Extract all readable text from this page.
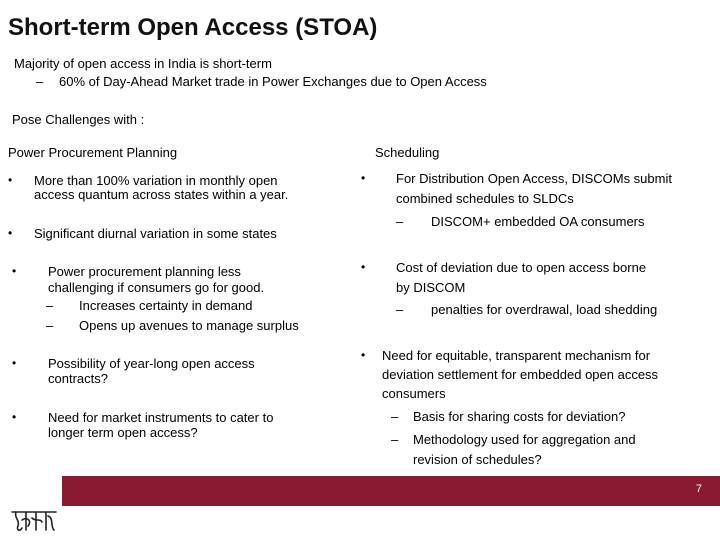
Short-term Open Access (STOA)
Majority of open access in India is short-term
– 60% of Day-Ahead Market trade in Power Exchanges due to Open Access
Pose Challenges with :
Power Procurement Planning
• More than 100% variation in monthly open
access quantum across states within a year.
• Significant diurnal variation in some states
• Power procurement planning less
challenging if consumers go for good.
– Increases certainty in demand
– Opens up avenues to manage surplus
• Possibility of year-long open access
contracts?
• Need for market instruments to cater to
longer term open access?
Scheduling
• For Distribution Open Access, DISCOMs submit
combined schedules to SLDCs
– DISCOM+ embedded OA consumers
• Cost of deviation due to open access borne
by DISCOM
– penalties for overdrawal, load shedding
• Need for equitable, transparent mechanism for
deviation settlement for embedded open access
consumers
– Basis for sharing costs for deviation?
– Methodology used for aggregation and
revision of schedules?
7
